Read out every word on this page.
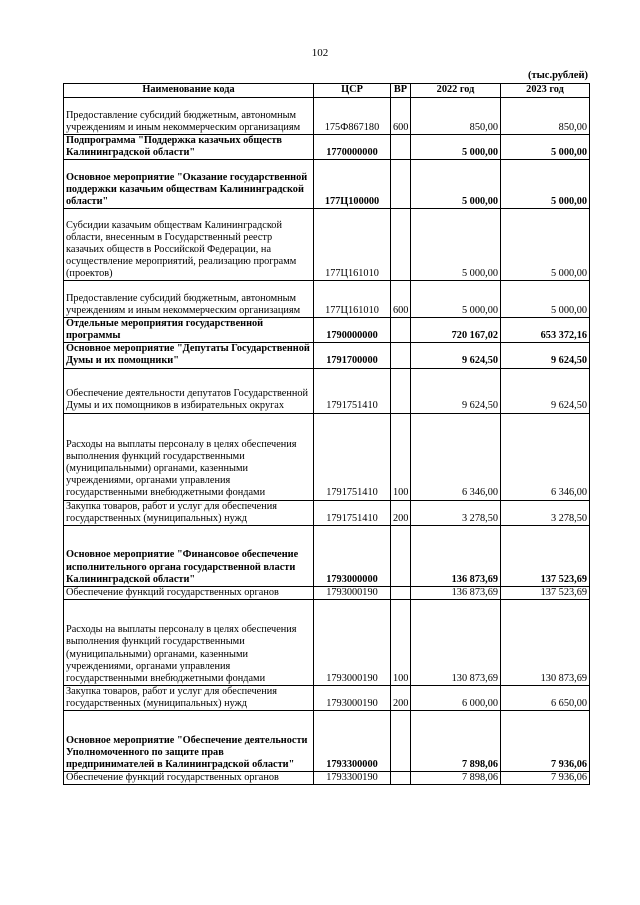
102
(тыс.рублей)
Наименование кода	ЦСР	ВР	2022 год	2023 год
Предоставление субсидий бюджетным, автономным учреждениям и иным некоммерческим организациям	175Ф867180	600	850,00	850,00
Подпрограмма "Поддержка казачьих обществ Калининградской области"	1770000000		5 000,00	5 000,00
Основное мероприятие "Оказание государственной поддержки казачьим обществам Калининградской области"	177Ц100000		5 000,00	5 000,00
Субсидии казачьим обществам Калининградской области, внесенным в Государственный реестр казачьих обществ в Российской Федерации, на осуществление мероприятий, реализацию программ (проектов)	177Ц161010		5 000,00	5 000,00
Предоставление субсидий бюджетным, автономным учреждениям и иным некоммерческим организациям	177Ц161010	600	5 000,00	5 000,00
Отдельные мероприятия государственной программы	1790000000		720 167,02	653 372,16
Основное мероприятие "Депутаты Государственной Думы и их помощники"	1791700000		9 624,50	9 624,50
Обеспечение деятельности депутатов Государственной Думы и их помощников в избирательных округах	1791751410		9 624,50	9 624,50
Расходы на выплаты персоналу в целях обеспечения выполнения функций государственными (муниципальными) органами, казенными учреждениями, органами управления государственными внебюджетными фондами	1791751410	100	6 346,00	6 346,00
Закупка товаров, работ и услуг для обеспечения государственных (муниципальных) нужд	1791751410	200	3 278,50	3 278,50
Основное мероприятие "Финансовое обеспечение исполнительного органа государственной власти Калининградской области"	1793000000		136 873,69	137 523,69
Обеспечение функций государственных органов	1793000190		136 873,69	137 523,69
Расходы на выплаты персоналу в целях обеспечения выполнения функций государственными (муниципальными) органами, казенными учреждениями, органами управления государственными внебюджетными фондами	1793000190	100	130 873,69	130 873,69
Закупка товаров, работ и услуг для обеспечения государственных (муниципальных) нужд	1793000190	200	6 000,00	6 650,00
Основное мероприятие "Обеспечение деятельности Уполномоченного по защите прав предпринимателей в Калининградской области"	1793300000		7 898,06	7 936,06
Обеспечение функций государственных органов	1793300190		7 898,06	7 936,06
